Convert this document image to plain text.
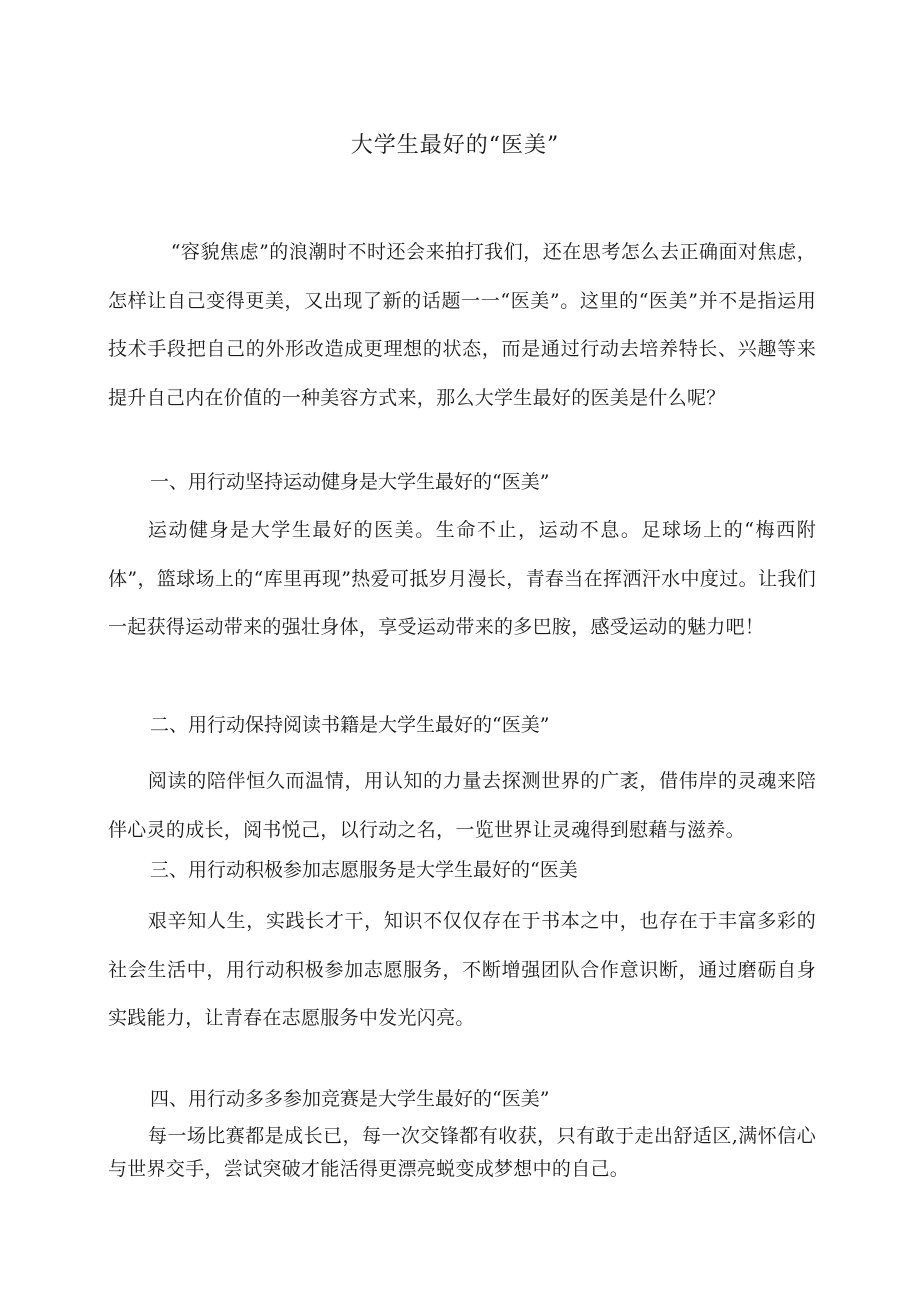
大学生最好的“医美”

“容貌焦虑”的浪潮时不时还会来拍打我们，还在思考怎么去正确面对焦虑，怎样让自己变得更美，又出现了新的话题一一“医美”。这里的“医美”并不是指运用技术手段把自己的外形改造成更理想的状态，而是通过行动去培养特长、兴趣等来提升自己内在价值的一种美容方式来，那么大学生最好的医美是什么呢？

一、用行动坚持运动健身是大学生最好的“医美”

运动健身是大学生最好的医美。生命不止，运动不息。足球场上的“梅西附体”，篮球场上的“库里再现”热爱可抵岁月漫长，青春当在挥洒汗水中度过。让我们一起获得运动带来的强壮身体，享受运动带来的多巴胺，感受运动的魅力吧！

二、用行动保持阅读书籍是大学生最好的“医美”

阅读的陪伴恒久而温情，用认知的力量去探测世界的广袤，借伟岸的灵魂来陪伴心灵的成长，阅书悦己，以行动之名，一览世界让灵魂得到慰藉与滋养。

三、用行动积极参加志愿服务是大学生最好的“医美

艰辛知人生，实践长才干，知识不仅仅存在于书本之中，也存在于丰富多彩的社会生活中，用行动积极参加志愿服务，不断增强团队合作意识断，通过磨砺自身实践能力，让青春在志愿服务中发光闪亮。

四、用行动多多参加竞赛是大学生最好的“医美”

每一场比赛都是成长已，每一次交锋都有收获，只有敢于走出舒适区,满怀信心与世界交手，尝试突破才能活得更漂亮蜕变成梦想中的自己。
